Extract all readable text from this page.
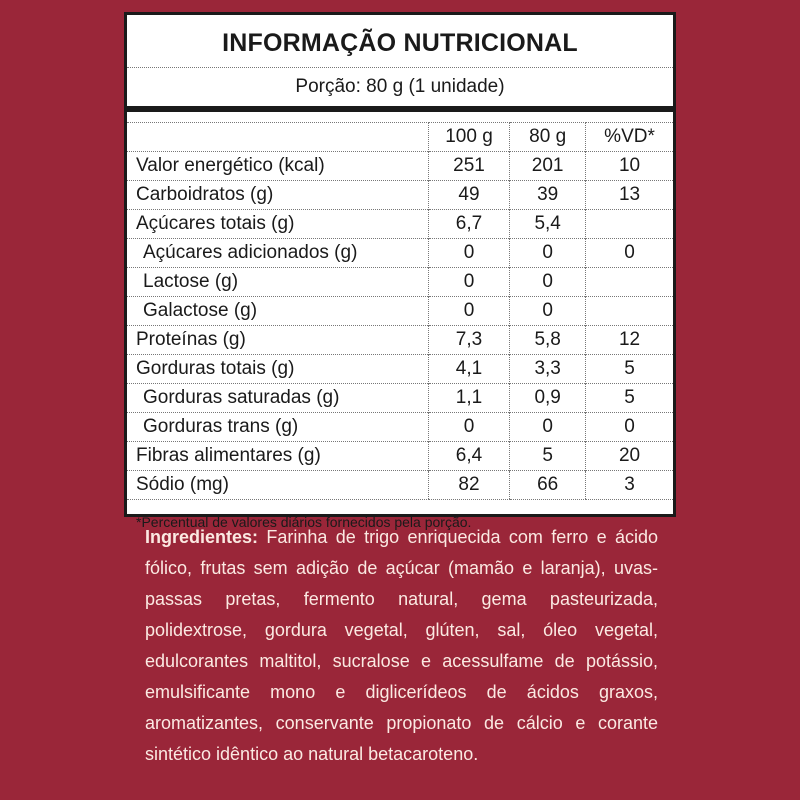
INFORMAÇÃO NUTRICIONAL
Porção: 80 g (1 unidade)
	100 g	80 g	%VD*
Valor energético (kcal)	251	201	10
Carboidratos (g)	49	39	13
Açúcares totais (g)	6,7	5,4	
Açúcares adicionados (g)	0	0	0
Lactose (g)	0	0	
Galactose (g)	0	0	
Proteínas (g)	7,3	5,8	12
Gorduras totais (g)	4,1	3,3	5
Gorduras saturadas (g)	1,1	0,9	5
Gorduras trans (g)	0	0	0
Fibras alimentares (g)	6,4	5	20
Sódio (mg)	82	66	3
*Percentual de valores diários fornecidos pela porção.
Ingredientes: Farinha de trigo enriquecida com ferro e ácido fólico, frutas sem adição de açúcar (mamão e laranja), uvas-passas pretas, fermento natural, gema pasteurizada, polidextrose, gordura vegetal, glúten, sal, óleo vegetal, edulcorantes maltitol, sucralose e acessulfame de potássio, emulsificante mono e diglicerídeos de ácidos graxos, aromatizantes, conservante propionato de cálcio e corante sintético idêntico ao natural betacaroteno.
